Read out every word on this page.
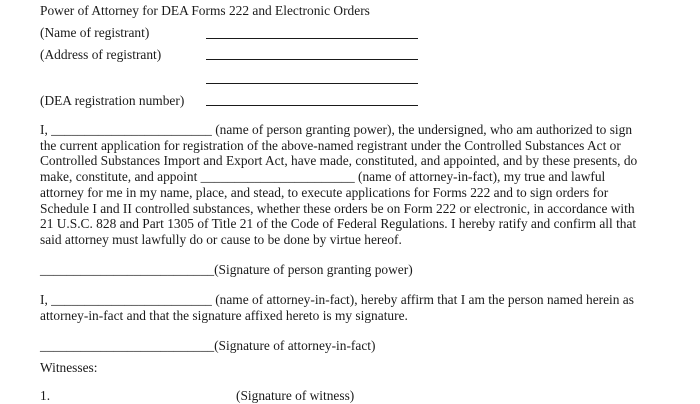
Power of Attorney for DEA Forms 222 and Electronic Orders
(Name of registrant)
(Address of registrant)
(DEA registration number)
I, ________________________ (name of person granting power), the undersigned, who am authorized to sign
the current application for registration of the above-named registrant under the Controlled Substances Act or
Controlled Substances Import and Export Act, have made, constituted, and appointed, and by these presents, do
make, constitute, and appoint _______________________ (name of attorney-in-fact), my true and lawful
attorney for me in my name, place, and stead, to execute applications for Forms 222 and to sign orders for
Schedule I and II controlled substances, whether these orders be on Form 222 or electronic, in accordance with
21 U.S.C. 828 and Part 1305 of Title 21 of the Code of Federal Regulations. I hereby ratify and confirm all that
said attorney must lawfully do or cause to be done by virtue hereof.
__________________________(Signature of person granting power)
I, ________________________ (name of attorney-in-fact), hereby affirm that I am the person named herein as
attorney-in-fact and that the signature affixed hereto is my signature.
__________________________(Signature of attorney-in-fact)
Witnesses:
1.	(Signature of witness)
